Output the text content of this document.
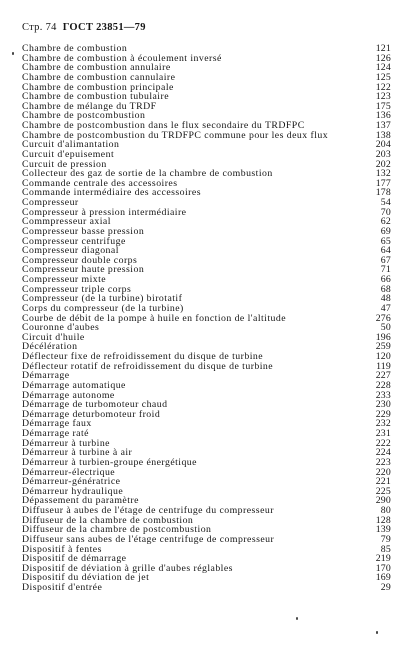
Стр. 74 ГОСТ 23851—79
Chambre de combustion	121
Chambre de combustion à écoulement inversé	126
Chambre de combustion annulaire	124
Chambre de combustion cannulaire	125
Chambre de combustion principale	122
Chambre de combustion tubulaire	123
Chambre de mélange du TRDF	175
Chambre de postcombustion	136
Chambre de postcombustion dans le flux secondaire du TRDFPC	137
Chambre de postcombustion du TRDFPC commune pour les deux flux	138
Curcuit d'alimantation	204
Curcuit d'epuisement	203
Curcuit de pression	202
Collecteur des gaz de sortie de la chambre de combustion	132
Commande centrale des accessoires	177
Commande intermédiaire des accessoires	178
Compresseur	54
Compresseur à pression intermédiaire	70
Commpresseur axial	62
Compresseur basse pression	69
Compresseur centrifuge	65
Compresseur diagonal	64
Compresseur double corps	67
Compresseur haute pression	71
Compresseur mixte	66
Compresseur triple corps	68
Compresseur (de la turbine) birotatif	48
Corps du compresseur (de la turbine)	47
Courbe de débit de la pompe à huile en fonction de l'altitude	276
Couronne d'aubes	50
Circuit d'huile	196
Décélération	259
Déflecteur fixe de refroidissement du disque de turbine	120
Déflecteur rotatif de refroidissement du disque de turbine	119
Démarrage	227
Démarrage automatique	228
Démarrage autonome	233
Démarrage de turbomoteur chaud	230
Démarrage deturbomoteur froid	229
Démarrage faux	232
Démarrage raté	231
Démarreur à turbine	222
Démarreur à turbine à air	224
Démarreur à turbien-groupe énergétique	223
Démarreur-électrique	220
Démarreur-génératrice	221
Démarreur hydraulique	225
Dépassement du paramètre	290
Diffuseur à aubes de l'étage de centrifuge du compresseur	80
Diffuseur de la chambre de combustion	128
Diffuseur de la chambre de postcombustion	139
Diffuseur sans aubes de l'étage centrifuge de compresseur	79
Dispositif à fentes	85
Dispositif de démarrage	219
Dispositif de déviation à grille d'aubes réglables	170
Dispositif du déviation de jet	169
Dispositif d'entrée	29
